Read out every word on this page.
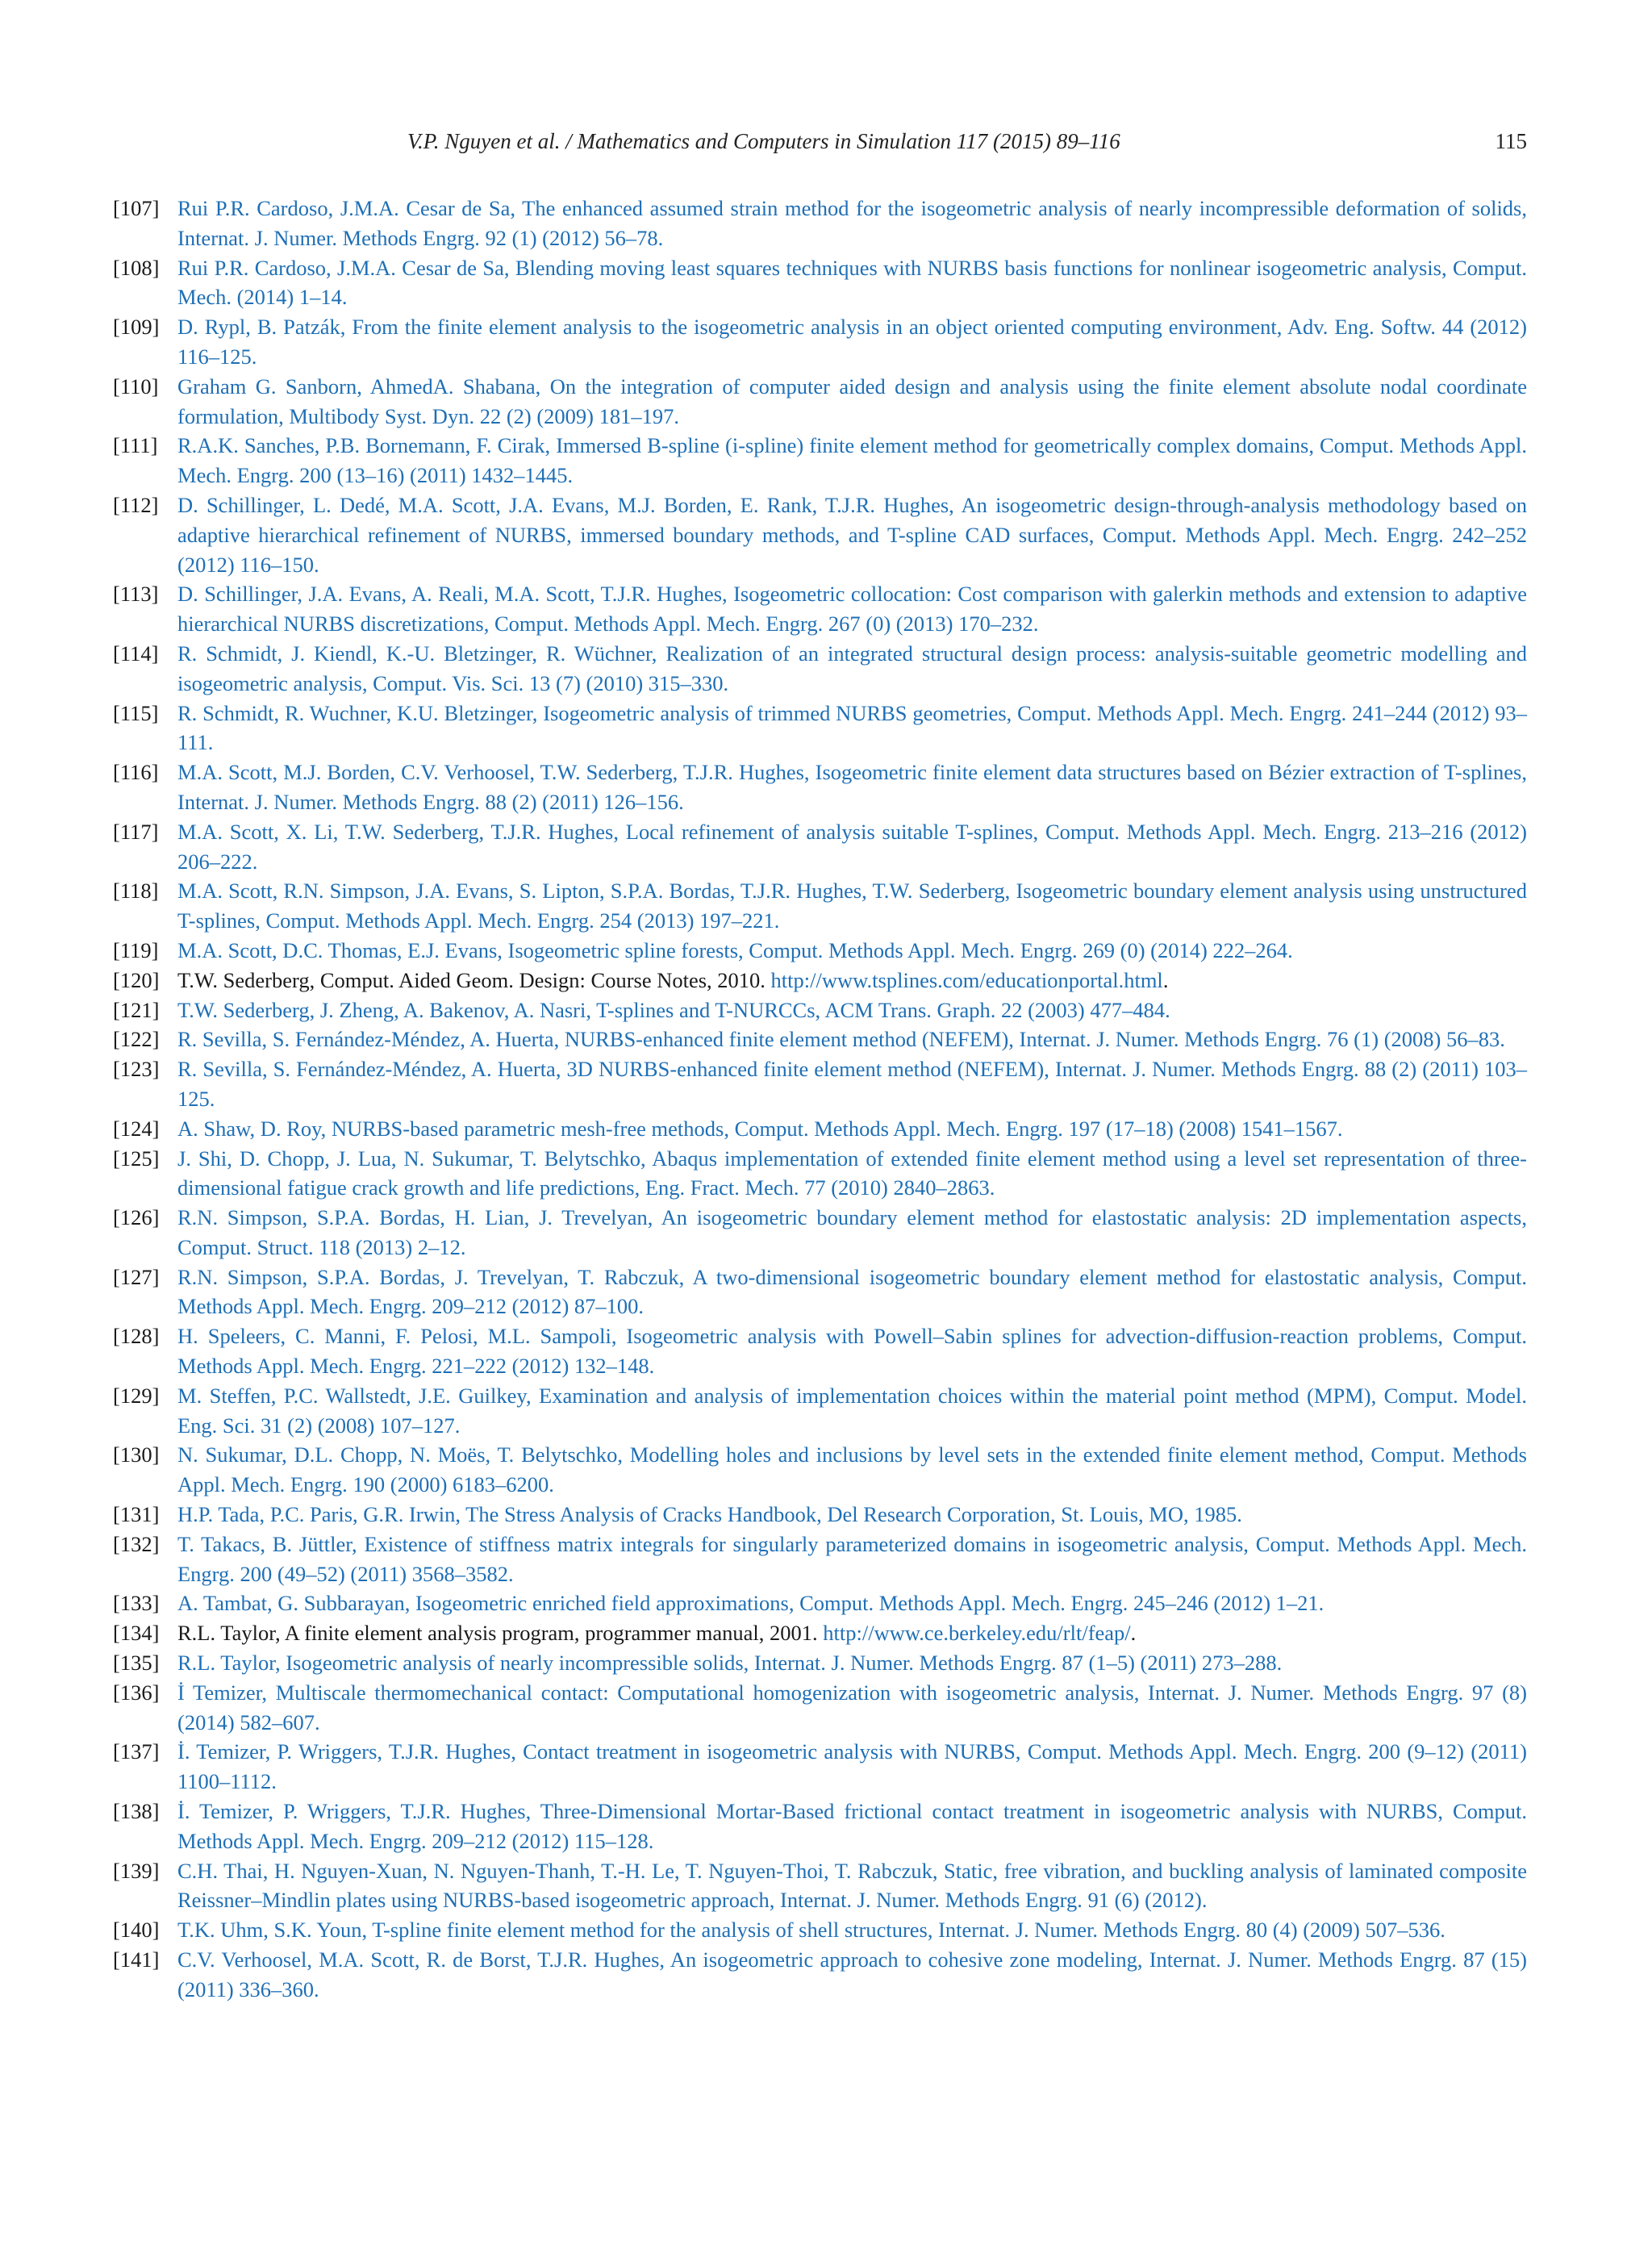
V.P. Nguyen et al. / Mathematics and Computers in Simulation 117 (2015) 89–116	115
[107] Rui P.R. Cardoso, J.M.A. Cesar de Sa, The enhanced assumed strain method for the isogeometric analysis of nearly incompressible deformation of solids, Internat. J. Numer. Methods Engrg. 92 (1) (2012) 56–78.
[108] Rui P.R. Cardoso, J.M.A. Cesar de Sa, Blending moving least squares techniques with NURBS basis functions for nonlinear isogeometric analysis, Comput. Mech. (2014) 1–14.
[109] D. Rypl, B. Patzák, From the finite element analysis to the isogeometric analysis in an object oriented computing environment, Adv. Eng. Softw. 44 (2012) 116–125.
[110] Graham G. Sanborn, AhmedA. Shabana, On the integration of computer aided design and analysis using the finite element absolute nodal coordinate formulation, Multibody Syst. Dyn. 22 (2) (2009) 181–197.
[111] R.A.K. Sanches, P.B. Bornemann, F. Cirak, Immersed B-spline (i-spline) finite element method for geometrically complex domains, Comput. Methods Appl. Mech. Engrg. 200 (13–16) (2011) 1432–1445.
[112] D. Schillinger, L. Dedé, M.A. Scott, J.A. Evans, M.J. Borden, E. Rank, T.J.R. Hughes, An isogeometric design-through-analysis methodology based on adaptive hierarchical refinement of NURBS, immersed boundary methods, and T-spline CAD surfaces, Comput. Methods Appl. Mech. Engrg. 242–252 (2012) 116–150.
[113] D. Schillinger, J.A. Evans, A. Reali, M.A. Scott, T.J.R. Hughes, Isogeometric collocation: Cost comparison with galerkin methods and extension to adaptive hierarchical NURBS discretizations, Comput. Methods Appl. Mech. Engrg. 267 (0) (2013) 170–232.
[114] R. Schmidt, J. Kiendl, K.-U. Bletzinger, R. Wüchner, Realization of an integrated structural design process: analysis-suitable geometric modelling and isogeometric analysis, Comput. Vis. Sci. 13 (7) (2010) 315–330.
[115] R. Schmidt, R. Wuchner, K.U. Bletzinger, Isogeometric analysis of trimmed NURBS geometries, Comput. Methods Appl. Mech. Engrg. 241–244 (2012) 93–111.
[116] M.A. Scott, M.J. Borden, C.V. Verhoosel, T.W. Sederberg, T.J.R. Hughes, Isogeometric finite element data structures based on Bézier extraction of T-splines, Internat. J. Numer. Methods Engrg. 88 (2) (2011) 126–156.
[117] M.A. Scott, X. Li, T.W. Sederberg, T.J.R. Hughes, Local refinement of analysis suitable T-splines, Comput. Methods Appl. Mech. Engrg. 213–216 (2012) 206–222.
[118] M.A. Scott, R.N. Simpson, J.A. Evans, S. Lipton, S.P.A. Bordas, T.J.R. Hughes, T.W. Sederberg, Isogeometric boundary element analysis using unstructured T-splines, Comput. Methods Appl. Mech. Engrg. 254 (2013) 197–221.
[119] M.A. Scott, D.C. Thomas, E.J. Evans, Isogeometric spline forests, Comput. Methods Appl. Mech. Engrg. 269 (0) (2014) 222–264.
[120] T.W. Sederberg, Comput. Aided Geom. Design: Course Notes, 2010. http://www.tsplines.com/educationportal.html.
[121] T.W. Sederberg, J. Zheng, A. Bakenov, A. Nasri, T-splines and T-NURCCs, ACM Trans. Graph. 22 (2003) 477–484.
[122] R. Sevilla, S. Fernández-Méndez, A. Huerta, NURBS-enhanced finite element method (NEFEM), Internat. J. Numer. Methods Engrg. 76 (1) (2008) 56–83.
[123] R. Sevilla, S. Fernández-Méndez, A. Huerta, 3D NURBS-enhanced finite element method (NEFEM), Internat. J. Numer. Methods Engrg. 88 (2) (2011) 103–125.
[124] A. Shaw, D. Roy, NURBS-based parametric mesh-free methods, Comput. Methods Appl. Mech. Engrg. 197 (17–18) (2008) 1541–1567.
[125] J. Shi, D. Chopp, J. Lua, N. Sukumar, T. Belytschko, Abaqus implementation of extended finite element method using a level set representation of three-dimensional fatigue crack growth and life predictions, Eng. Fract. Mech. 77 (2010) 2840–2863.
[126] R.N. Simpson, S.P.A. Bordas, H. Lian, J. Trevelyan, An isogeometric boundary element method for elastostatic analysis: 2D implementation aspects, Comput. Struct. 118 (2013) 2–12.
[127] R.N. Simpson, S.P.A. Bordas, J. Trevelyan, T. Rabczuk, A two-dimensional isogeometric boundary element method for elastostatic analysis, Comput. Methods Appl. Mech. Engrg. 209–212 (2012) 87–100.
[128] H. Speleers, C. Manni, F. Pelosi, M.L. Sampoli, Isogeometric analysis with Powell–Sabin splines for advection-diffusion-reaction problems, Comput. Methods Appl. Mech. Engrg. 221–222 (2012) 132–148.
[129] M. Steffen, P.C. Wallstedt, J.E. Guilkey, Examination and analysis of implementation choices within the material point method (MPM), Comput. Model. Eng. Sci. 31 (2) (2008) 107–127.
[130] N. Sukumar, D.L. Chopp, N. Moës, T. Belytschko, Modelling holes and inclusions by level sets in the extended finite element method, Comput. Methods Appl. Mech. Engrg. 190 (2000) 6183–6200.
[131] H.P. Tada, P.C. Paris, G.R. Irwin, The Stress Analysis of Cracks Handbook, Del Research Corporation, St. Louis, MO, 1985.
[132] T. Takacs, B. Jüttler, Existence of stiffness matrix integrals for singularly parameterized domains in isogeometric analysis, Comput. Methods Appl. Mech. Engrg. 200 (49–52) (2011) 3568–3582.
[133] A. Tambat, G. Subbarayan, Isogeometric enriched field approximations, Comput. Methods Appl. Mech. Engrg. 245–246 (2012) 1–21.
[134] R.L. Taylor, A finite element analysis program, programmer manual, 2001. http://www.ce.berkeley.edu/rlt/feap/.
[135] R.L. Taylor, Isogeometric analysis of nearly incompressible solids, Internat. J. Numer. Methods Engrg. 87 (1–5) (2011) 273–288.
[136] İ Temizer, Multiscale thermomechanical contact: Computational homogenization with isogeometric analysis, Internat. J. Numer. Methods Engrg. 97 (8) (2014) 582–607.
[137] İ. Temizer, P. Wriggers, T.J.R. Hughes, Contact treatment in isogeometric analysis with NURBS, Comput. Methods Appl. Mech. Engrg. 200 (9–12) (2011) 1100–1112.
[138] İ. Temizer, P. Wriggers, T.J.R. Hughes, Three-Dimensional Mortar-Based frictional contact treatment in isogeometric analysis with NURBS, Comput. Methods Appl. Mech. Engrg. 209–212 (2012) 115–128.
[139] C.H. Thai, H. Nguyen-Xuan, N. Nguyen-Thanh, T.-H. Le, T. Nguyen-Thoi, T. Rabczuk, Static, free vibration, and buckling analysis of laminated composite Reissner–Mindlin plates using NURBS-based isogeometric approach, Internat. J. Numer. Methods Engrg. 91 (6) (2012).
[140] T.K. Uhm, S.K. Youn, T-spline finite element method for the analysis of shell structures, Internat. J. Numer. Methods Engrg. 80 (4) (2009) 507–536.
[141] C.V. Verhoosel, M.A. Scott, R. de Borst, T.J.R. Hughes, An isogeometric approach to cohesive zone modeling, Internat. J. Numer. Methods Engrg. 87 (15) (2011) 336–360.
